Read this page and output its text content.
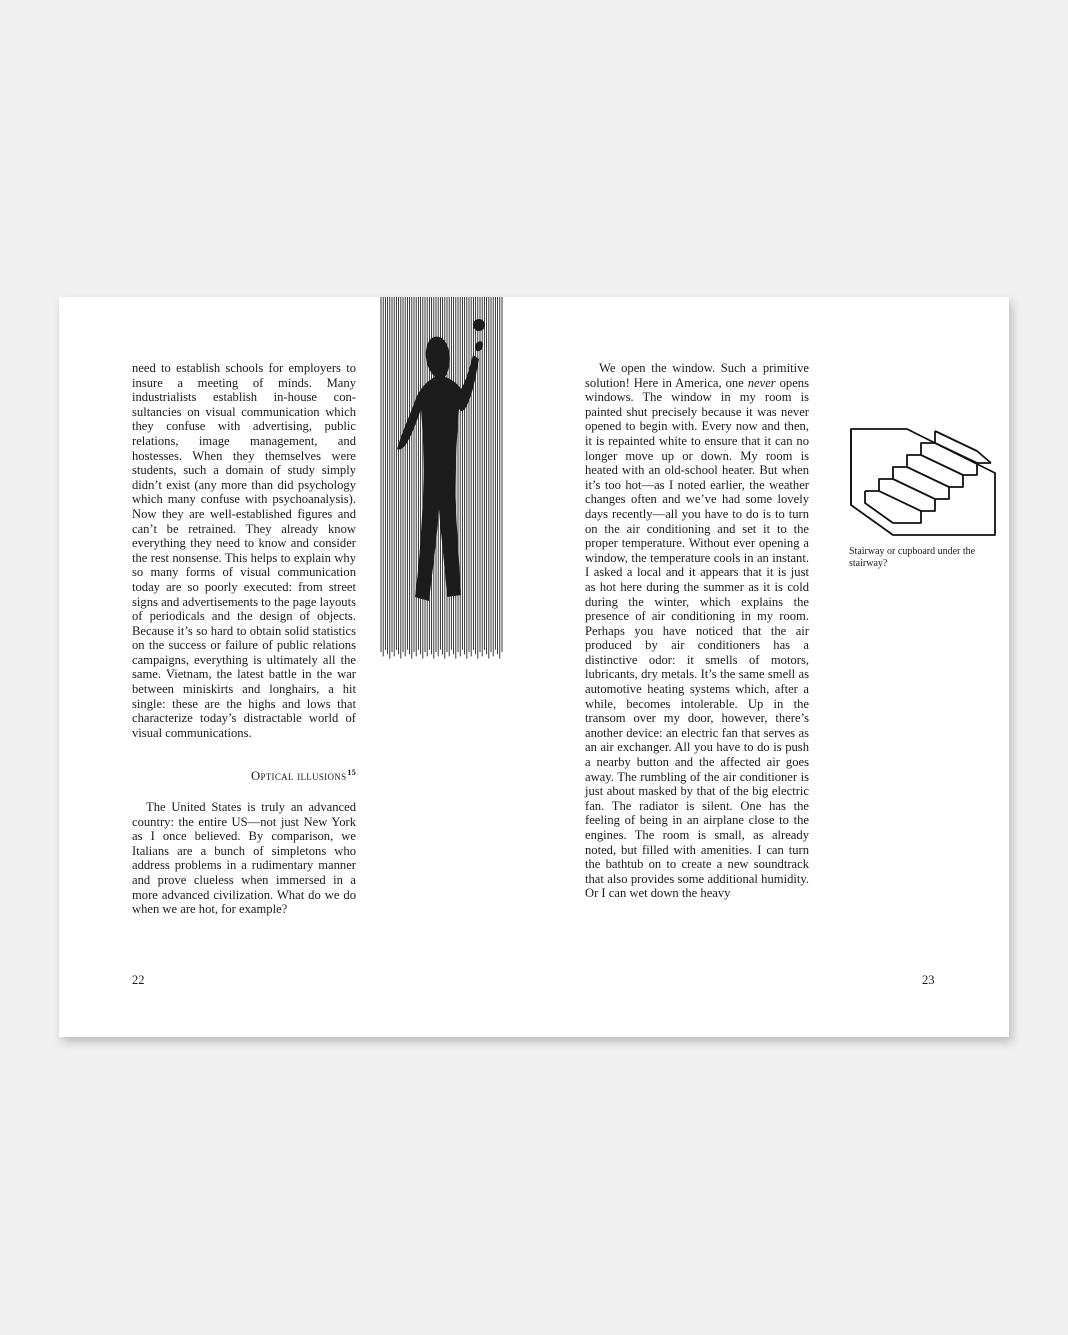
need to establish schools for employers to insure a meeting of minds. Many industrialists establish in-house consultancies on visual communication which they confuse with advertising, public relations, image management, and hostesses. When they themselves were students, such a domain of study simply didn’t exist (any more than did psychology which many confuse with psychoanalysis). Now they are well-established figures and can’t be retrained. They already know everything they need to know and consider the rest nonsense. This helps to explain why so many forms of visual communication today are so poorly executed: from street signs and advertisements to the page layouts of periodicals and the design of objects. Because it’s so hard to obtain solid statistics on the success or failure of public relations campaigns, everything is ultimately all the same. Vietnam, the latest battle in the war between miniskirts and longhairs, a hit single: these are the highs and lows that characterize today’s distractable world of visual communications.

Optical illusions$^{15}$

The United States is truly an advanced country: the entire US—not just New York as I once believed. By comparison, we Italians are a bunch of simpletons who address problems in a rudimentary manner and prove clueless when immersed in a more advanced civilization. What do we do when we are hot, for example?

We open the window. Such a primitive solution! Here in America, one never opens windows. The window in my room is painted shut precisely because it was never opened to begin with. Every now and then, it is repainted white to ensure that it can no longer move up or down. My room is heated with an old-school heater. But when it’s too hot—as I noted earlier, the weather changes often and we’ve had some lovely days recently—all you have to do is to turn on the air conditioning and set it to the proper temperature. Without ever opening a window, the temperature cools in an instant. I asked a local and it appears that it is just as hot here during the summer as it is cold during the winter, which explains the presence of air conditioning in my room. Perhaps you have noticed that the air produced by air conditioners has a distinctive odor: it smells of motors, lubricants, dry metals. It’s the same smell as automotive heating systems which, after a while, becomes intolerable. Up in the transom over my door, however, there’s another device: an electric fan that serves as an air exchanger. All you have to do is push a nearby button and the affected air goes away. The rumbling of the air conditioner is just about masked by that of the big electric fan. The radiator is silent. One has the feeling of being in an airplane close to the engines. The room is small, as already noted, but filled with amenities. I can turn the bathtub on to create a new soundtrack that also provides some additional humidity. Or I can wet down the heavy

Stairway or cupboard under the stairway?
22	23
